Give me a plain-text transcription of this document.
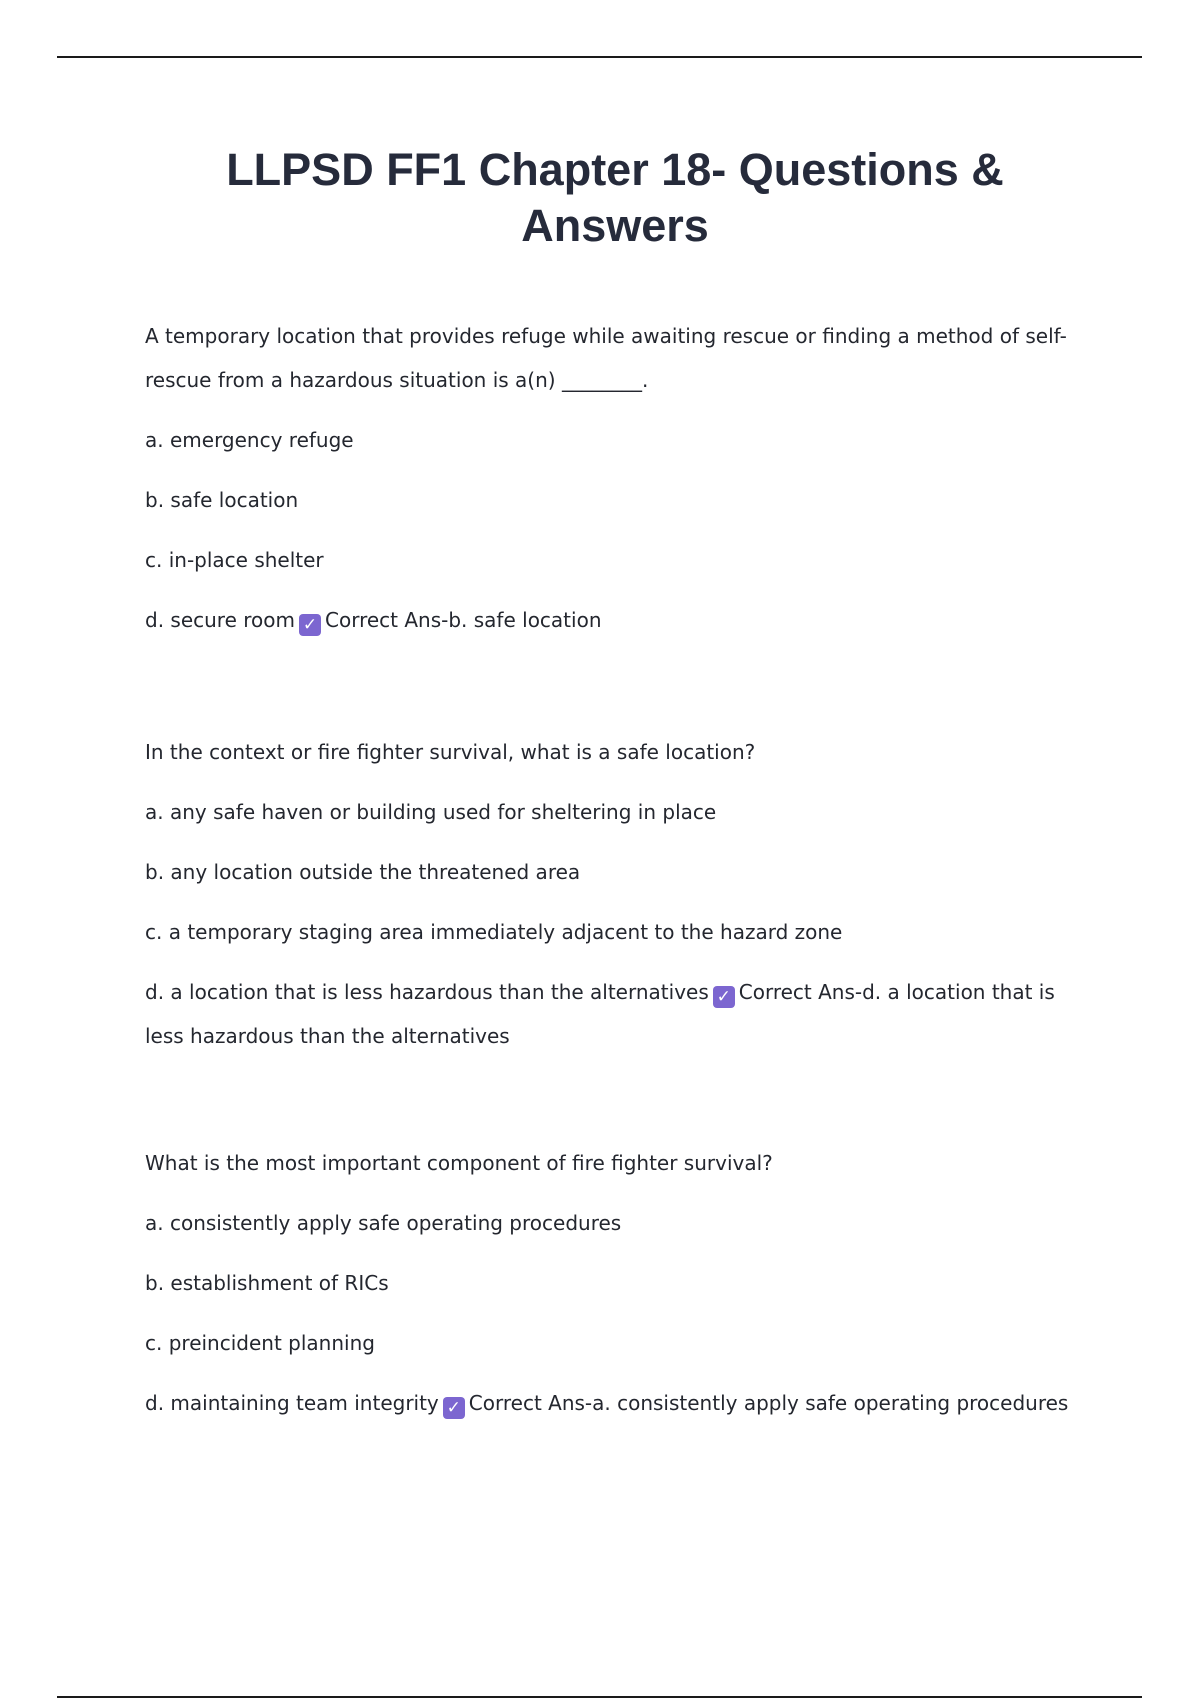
LLPSD FF1 Chapter 18- Questions & Answers

A temporary location that provides refuge while awaiting rescue or finding a method of self-rescue from a hazardous situation is a(n) ________.

a. emergency refuge

b. safe location

c. in-place shelter

d. secure room ✓ Correct Ans-b. safe location

In the context or fire fighter survival, what is a safe location?

a. any safe haven or building used for sheltering in place

b. any location outside the threatened area

c. a temporary staging area immediately adjacent to the hazard zone

d. a location that is less hazardous than the alternatives ✓ Correct Ans-d. a location that is less hazardous than the alternatives

What is the most important component of fire fighter survival?

a. consistently apply safe operating procedures

b. establishment of RICs

c. preincident planning

d. maintaining team integrity ✓ Correct Ans-a. consistently apply safe operating procedures
